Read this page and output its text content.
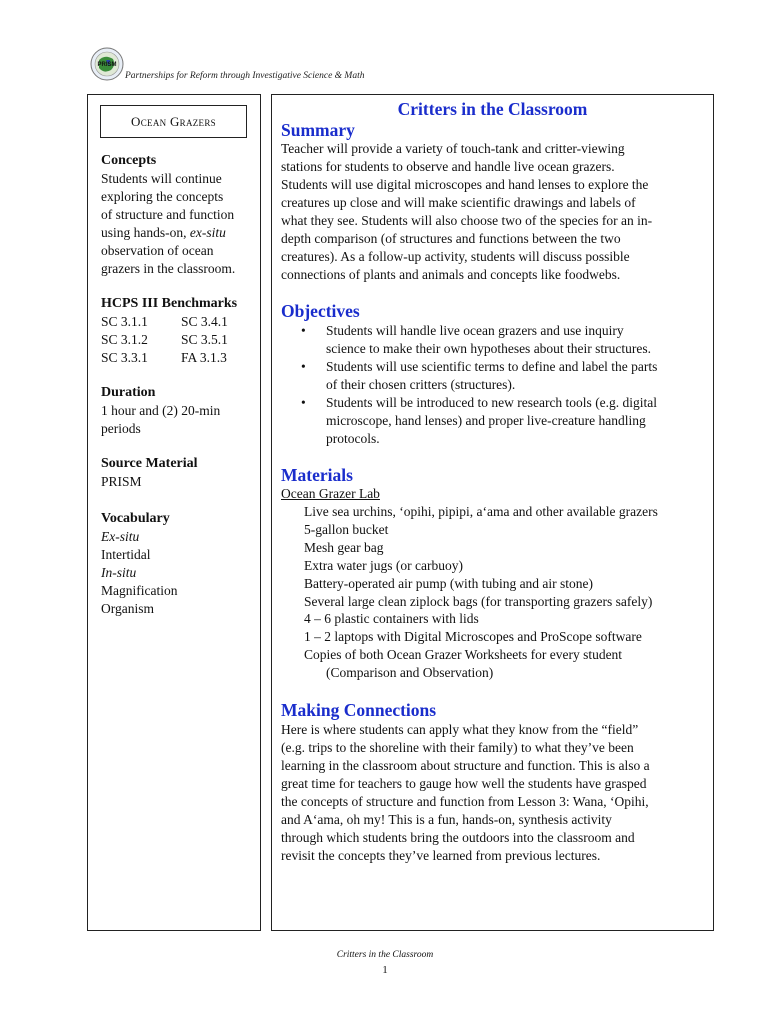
PRISM
Partnerships for Reform through Investigative Science & Math
Ocean Grazers
Concepts
Students will continue
exploring the concepts
of structure and function
using hands-on, ex-situ
observation of ocean
grazers in the classroom.
HCPS III Benchmarks
SC 3.1.1	SC 3.4.1
SC 3.1.2	SC 3.5.1
SC 3.3.1	FA 3.1.3
Duration
1 hour and (2) 20-min
periods
Source Material
PRISM
Vocabulary
Ex-situ
Intertidal
In-situ
Magnification
Organism
Critters in the Classroom
Summary
Teacher will provide a variety of touch-tank and critter-viewing
stations for students to observe and handle live ocean grazers.
Students will use digital microscopes and hand lenses to explore the
creatures up close and will make scientific drawings and labels of
what they see. Students will also choose two of the species for an in-
depth comparison (of structures and functions between the two
creatures). As a follow-up activity, students will discuss possible
connections of plants and animals and concepts like foodwebs.
Objectives
• Students will handle live ocean grazers and use inquiry
science to make their own hypotheses about their structures.
• Students will use scientific terms to define and label the parts
of their chosen critters (structures).
• Students will be introduced to new research tools (e.g. digital
microscope, hand lenses) and proper live-creature handling
protocols.
Materials
Ocean Grazer Lab
Live sea urchins, ‘opihi, pipipi, a‘ama and other available grazers
5-gallon bucket
Mesh gear bag
Extra water jugs (or carbuoy)
Battery-operated air pump (with tubing and air stone)
Several large clean ziplock bags (for transporting grazers safely)
4 – 6 plastic containers with lids
1 – 2 laptops with Digital Microscopes and ProScope software
Copies of both Ocean Grazer Worksheets for every student
(Comparison and Observation)
Making Connections
Here is where students can apply what they know from the “field”
(e.g. trips to the shoreline with their family) to what they’ve been
learning in the classroom about structure and function. This is also a
great time for teachers to gauge how well the students have grasped
the concepts of structure and function from Lesson 3: Wana, ‘Opihi,
and A‘ama, oh my! This is a fun, hands-on, synthesis activity
through which students bring the outdoors into the classroom and
revisit the concepts they’ve learned from previous lectures.
Critters in the Classroom
1
